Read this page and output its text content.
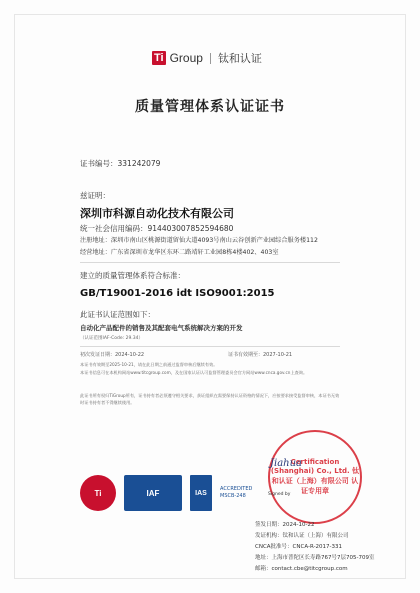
Ti Group 钛和认证
质量管理体系认证证书
证书编号：331242079
兹证明：
深圳市科源自动化技术有限公司
统一社会信用编码：914403007852594680
注册地址：深圳市南山区桃源街道留仙大道4093号南山云谷创新产业园综合服务楼112
经营地址：广东省深圳市龙华区东环二路靖轩工业园8栋4楼402、403室
建立的质量管理体系符合标准：
GB/T19001-2016 idt ISO9001:2015
此证书认证范围如下：
自动化产品配件的销售及其配套电气系统解决方案的开发
（认证范围IAF-Code: 29.34）
初次发证日期：2024-10-22	证书有效期至：2027-10-21
本证书有效期至2025-10-21，请在此日期之前通过监督审核后继续有效。
本证书信息可在本机构网站www.titcgroup.com，及在国家认证认可监督管理委员会官方网站www.cnca.gov.cn上查询。
此证书所有权归TiGroup所有，证书持有者必须遵守相关要求，获证组织在需要保持认证资格的情况下，应按要求接受监督审核，本证书无效时证书持有者不得继续使用。
Ti	IAF	IAS
ACCREDITED MSCB-248
Certification (Shanghai) Co., Ltd. 钛和认证（上海）有限公司 认证专用章
Signed by
Jiahua
签发日期：2024-10-22
发证机构：钛和认证（上海）有限公司
CNCA批准号：CNCA-R-2017-331
地址：上海市普陀区长寿路767号7层705-709室
邮箱：contact.cbe@titcgroup.com
